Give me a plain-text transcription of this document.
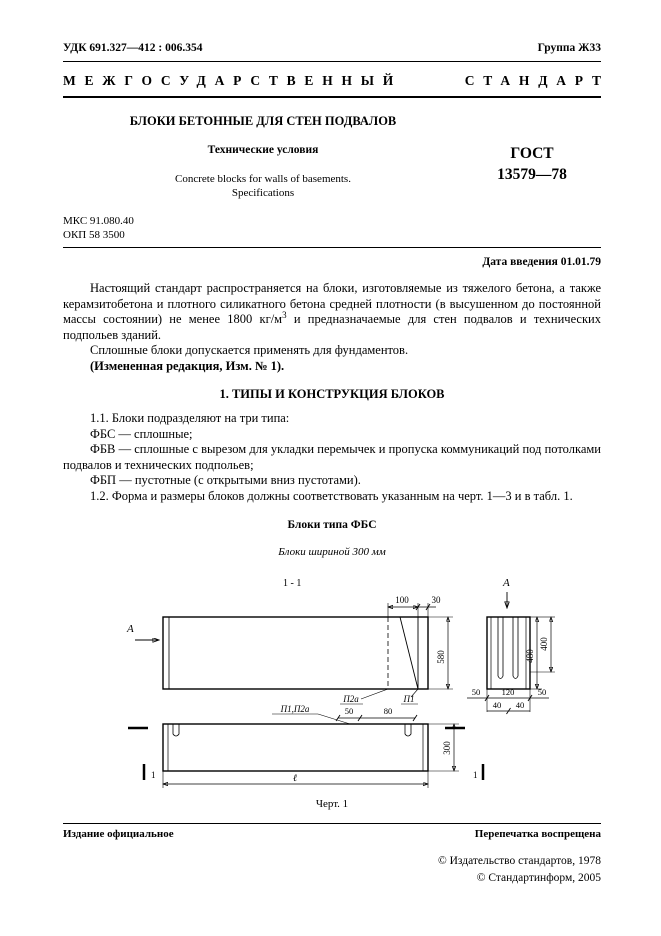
УДК 691.327—412 : 006.354	Группа Ж33
МЕЖГОСУДАРСТВЕННЫЙ	СТАНДАРТ
БЛОКИ БЕТОННЫЕ ДЛЯ СТЕН ПОДВАЛОВ
Технические условия
Concrete blocks for walls of basements.
Specifications
ГОСТ
13579—78
МКС 91.080.40
ОКП 58 3500
Дата введения 01.01.79

Настоящий стандарт распространяется на блоки, изготовляемые из тяжелого бетона, а также керамзитобетона и плотного силикатного бетона средней плотности (в высушенном до постоянной массы состоянии) не менее 1800 $кг/м^3$ и предназначаемые для стен подвалов и технических подпольев зданий.

Сплошные блоки допускается применять для фундаментов.

(Измененная редакция, Изм. № 1).

1. ТИПЫ И КОНСТРУКЦИЯ БЛОКОВ

1.1. Блоки подразделяют на три типа:

ФБС — сплошные;

ФБВ — сплошные с вырезом для укладки перемычек и пропуска коммуникаций под потолками подвалов и технических подпольев;

ФБП — пустотные (с открытыми вниз пустотами).

1.2. Форма и размеры блоков должны соответствовать указанным на черт. 1—3 и в табл. 1.

Блоки типа ФБС
Блоки шириной 300 мм
1 - 1
100	30
А
580
П2а	П1
А
480
400
50	120	50
40 40
П1,П2а	50	80
1	1
300
ℓ
Черт. 1
Издание официальное	Перепечатка воспрещена
© Издательство стандартов, 1978
© Стандартинформ, 2005
